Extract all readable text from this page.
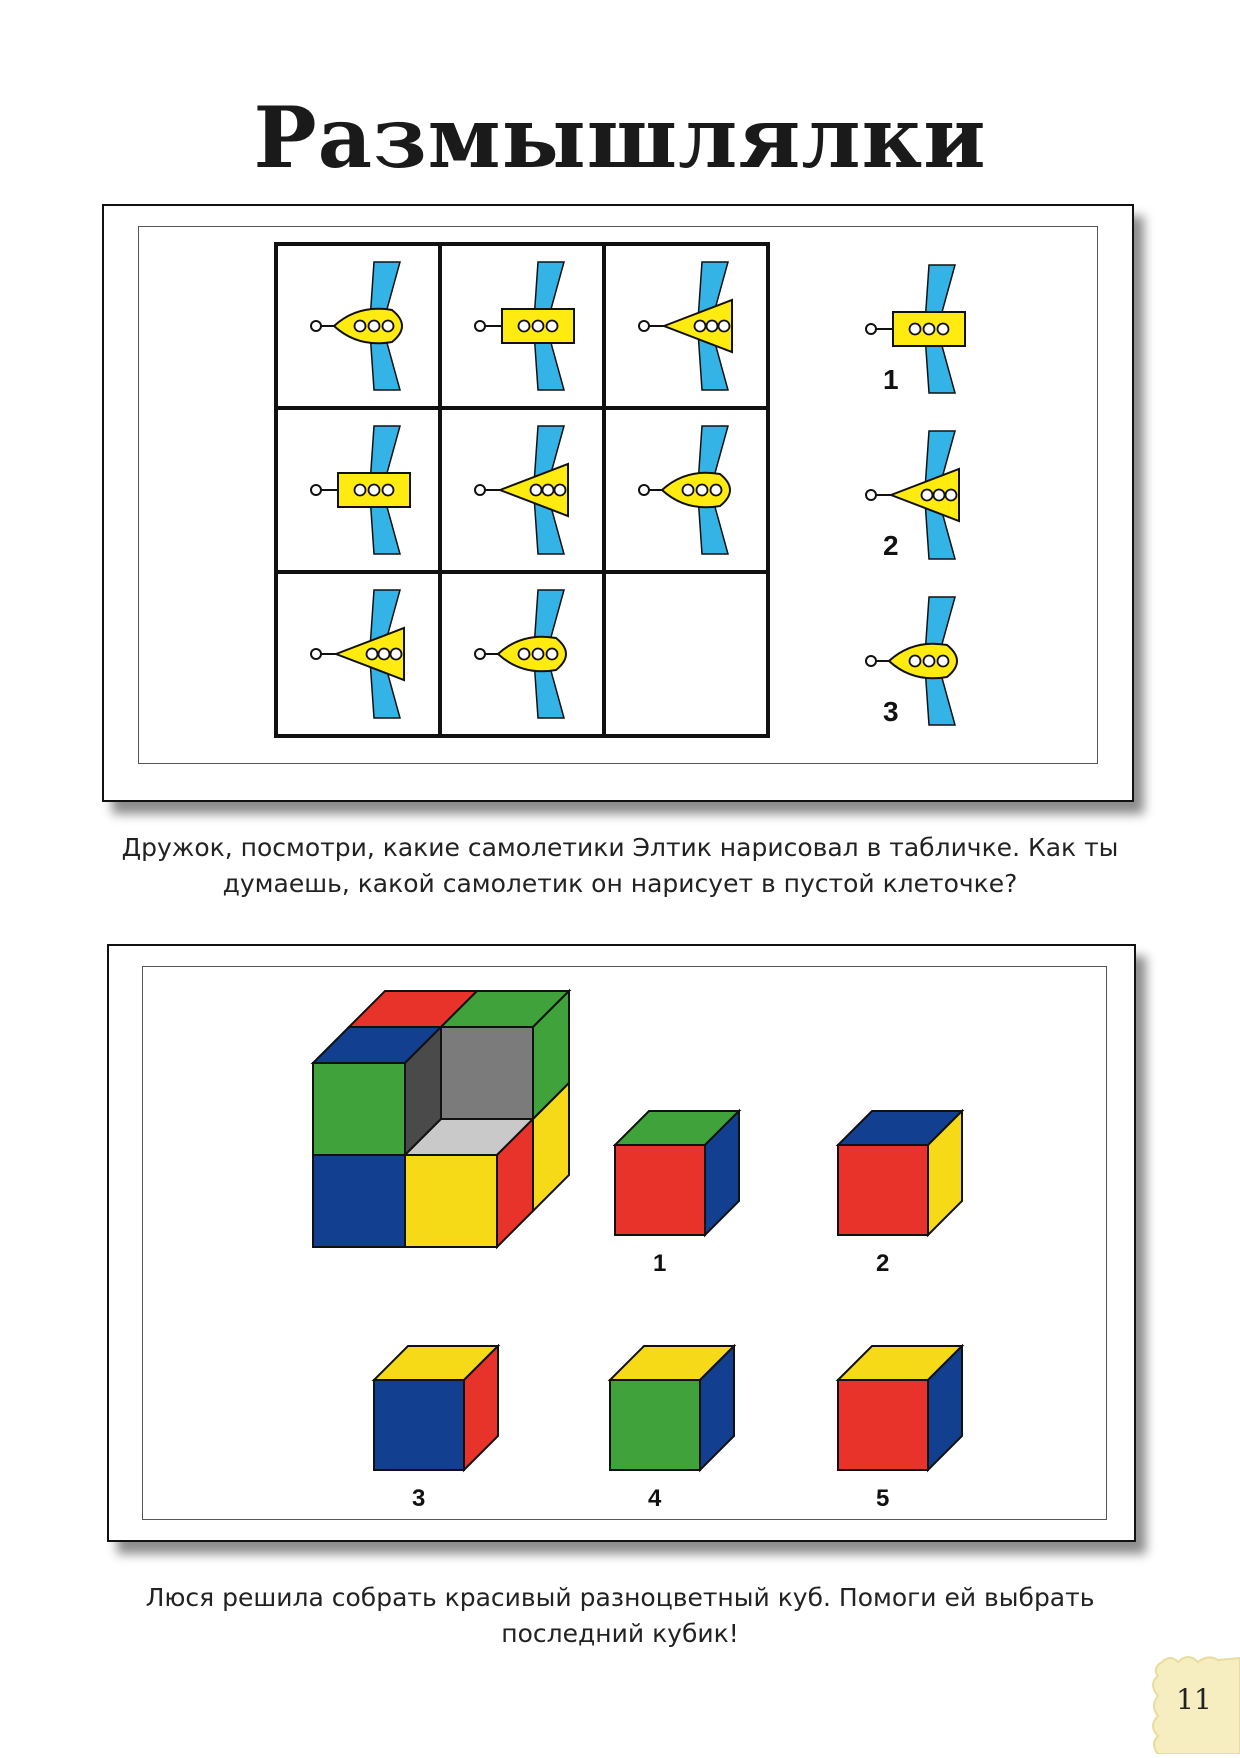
Размышлялки
1
2
3
Дружок, посмотри, какие самолетики Элтик нарисовал в табличке. Как ты думаешь, какой самолетик он нарисует в пустой клеточке?
1	2
3	4	5
Люся решила собрать красивый разноцветный куб. Помоги ей выбрать последний кубик!
11
